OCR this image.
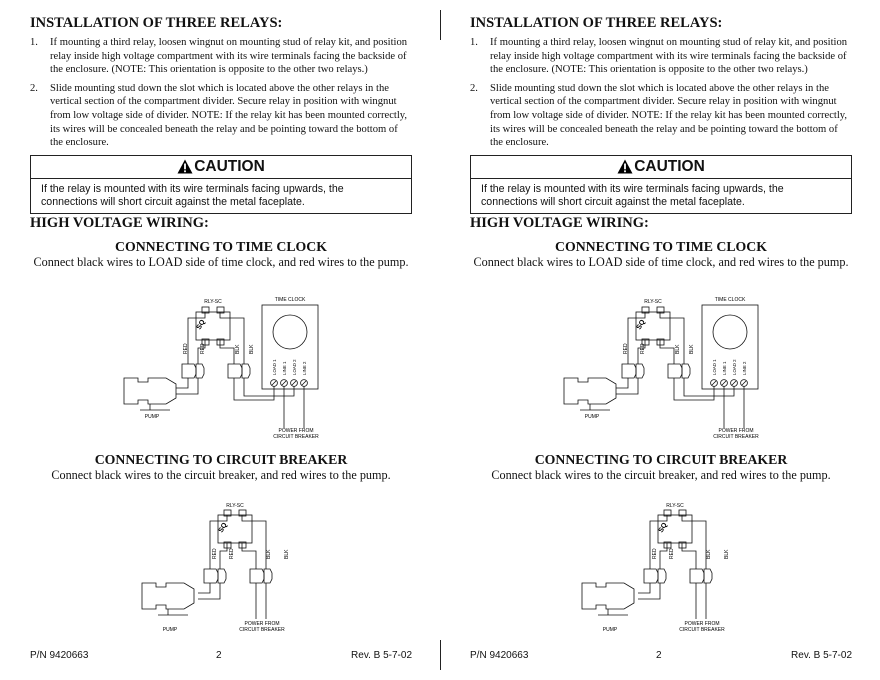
INSTALLATION OF THREE RELAYS:
1. If mounting a third relay, loosen wingnut on mounting stud of relay kit, and position relay inside high voltage compartment with its wire terminals facing the backside of the enclosure. (NOTE: This orientation is opposite to the other two relays.)
2. Slide mounting stud down the slot which is located above the other relays in the vertical section of the compartment divider. Secure relay in position with wingnut from low voltage side of divider. NOTE: If the relay kit has been mounted correctly, its wires will be concealed beneath the relay and be pointing toward the bottom of the enclosure.
CAUTION
If the relay is mounted with its wire terminals facing upwards, the connections will short circuit against the metal faceplate.
HIGH VOLTAGE WIRING:

CONNECTING TO TIME CLOCK

Connect black wires to LOAD side of time clock, and red wires to the pump.

SQ
RLY-SC	TIME CLOCK
RED RED	BLK BLK
LOAD 1 LINE 1 LOAD 2 LINE 2
PUMP
POWER FROM
CIRCUIT BREAKER

CONNECTING TO CIRCUIT BREAKER

Connect black wires to the circuit breaker, and red wires to the pump.

SQ
RLY-SC
RED RED	BLK BLK
PUMP
POWER FROM
CIRCUIT BREAKER
P/N 9420663	2	Rev. B 5-7-02
INSTALLATION OF THREE RELAYS:
1. If mounting a third relay, loosen wingnut on mounting stud of relay kit, and position relay inside high voltage compartment with its wire terminals facing the backside of the enclosure. (NOTE: This orientation is opposite to the other two relays.)
2. Slide mounting stud down the slot which is located above the other relays in the vertical section of the compartment divider. Secure relay in position with wingnut from low voltage side of divider. NOTE: If the relay kit has been mounted correctly, its wires will be concealed beneath the relay and be pointing toward the bottom of the enclosure.
CAUTION
If the relay is mounted with its wire terminals facing upwards, the connections will short circuit against the metal faceplate.
HIGH VOLTAGE WIRING:

CONNECTING TO TIME CLOCK

Connect black wires to LOAD side of time clock, and red wires to the pump.

SQ
RLY-SC	TIME CLOCK
RED RED	BLK BLK
LOAD 1 LINE 1 LOAD 2 LINE 2
PUMP
POWER FROM
CIRCUIT BREAKER

CONNECTING TO CIRCUIT BREAKER

Connect black wires to the circuit breaker, and red wires to the pump.

SQ
RLY-SC
RED RED	BLK BLK
PUMP
POWER FROM
CIRCUIT BREAKER
P/N 9420663	2	Rev. B 5-7-02
